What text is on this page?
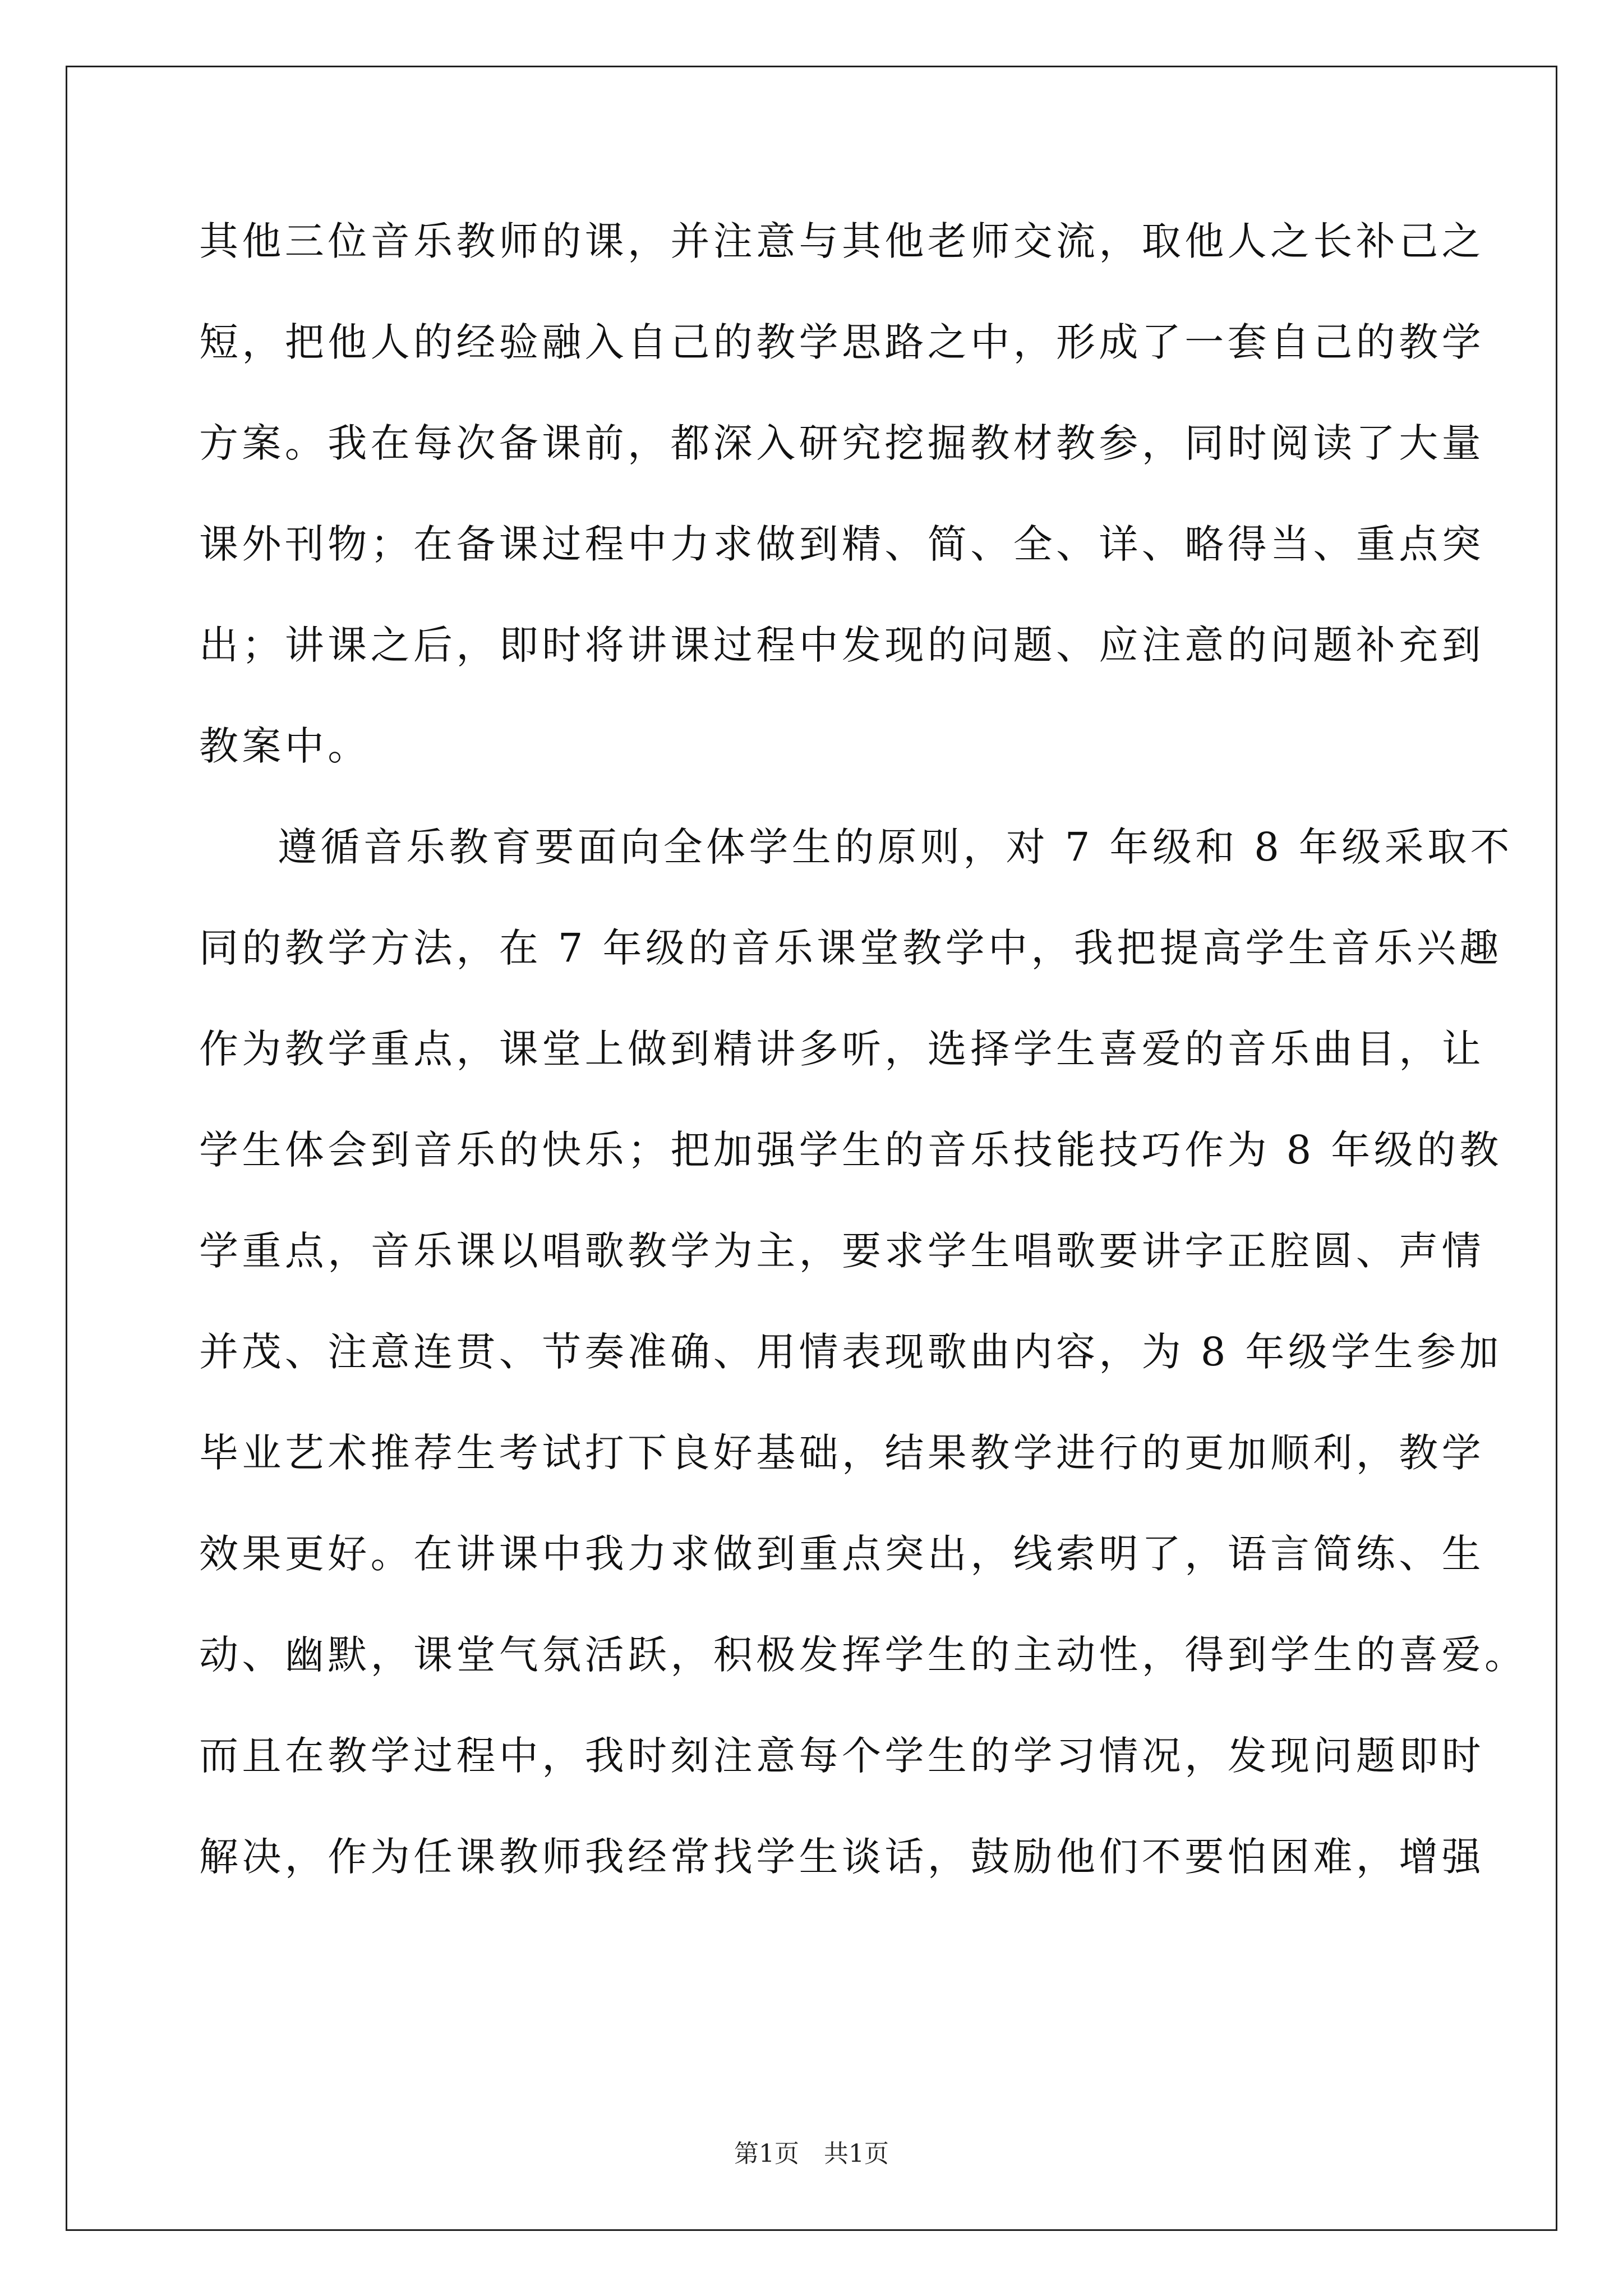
其他三位音乐教师的课，并注意与其他老师交流，取他人之长补己之
短，把他人的经验融入自己的教学思路之中，形成了一套自己的教学
方案。我在每次备课前，都深入研究挖掘教材教参，同时阅读了大量
课外刊物；在备课过程中力求做到精、简、全、详、略得当、重点突
出；讲课之后，即时将讲课过程中发现的问题、应注意的问题补充到
教案中。
遵循音乐教育要面向全体学生的原则，对 7 年级和 8 年级采取不
同的教学方法，在 7 年级的音乐课堂教学中，我把提高学生音乐兴趣
作为教学重点，课堂上做到精讲多听，选择学生喜爱的音乐曲目，让
学生体会到音乐的快乐；把加强学生的音乐技能技巧作为 8 年级的教
学重点，音乐课以唱歌教学为主，要求学生唱歌要讲字正腔圆、声情
并茂、注意连贯、节奏准确、用情表现歌曲内容，为 8 年级学生参加
毕业艺术推荐生考试打下良好基础，结果教学进行的更加顺利，教学
效果更好。在讲课中我力求做到重点突出，线索明了，语言简练、生
动、幽默，课堂气氛活跃，积极发挥学生的主动性，得到学生的喜爱。
而且在教学过程中，我时刻注意每个学生的学习情况，发现问题即时
解决，作为任课教师我经常找学生谈话，鼓励他们不要怕困难，增强
第1页　共1页
